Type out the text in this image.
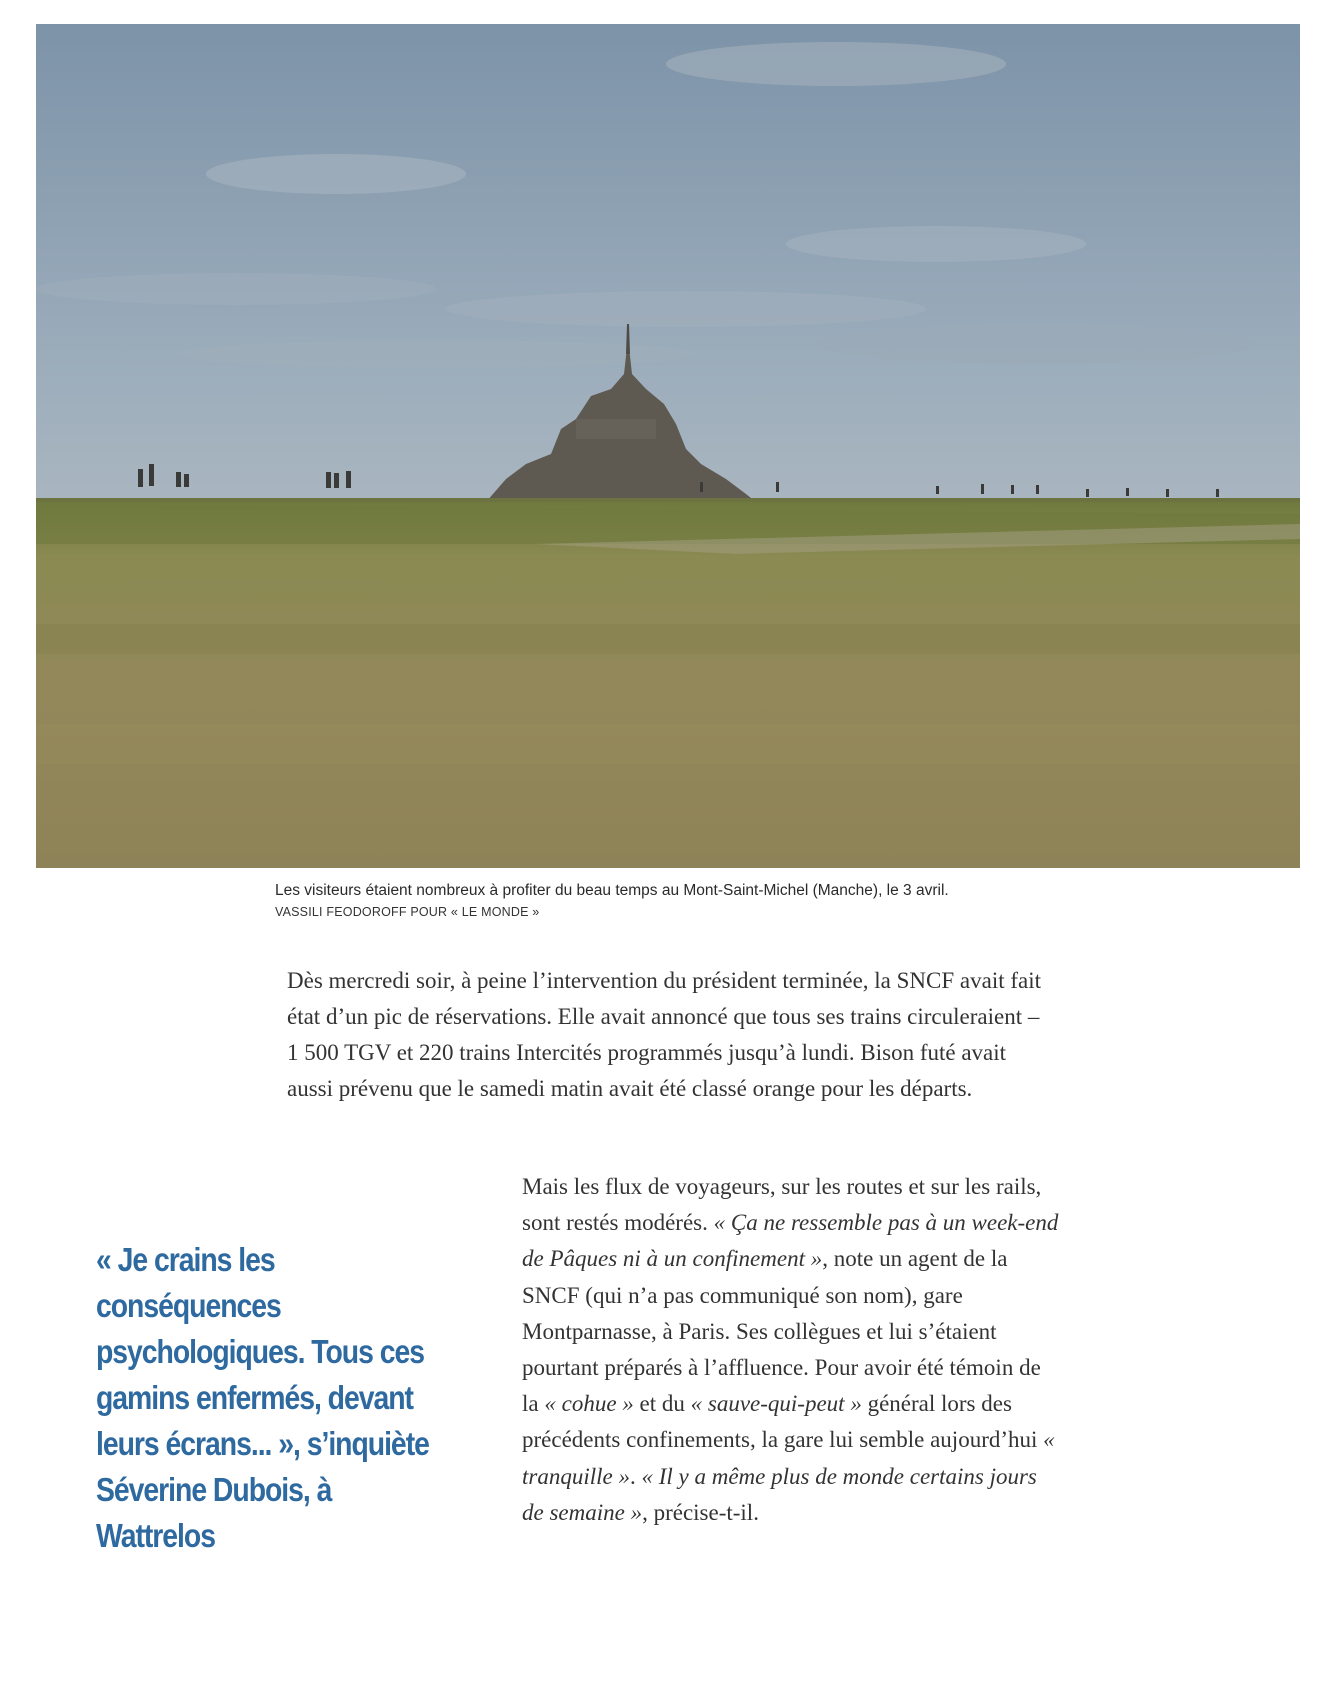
Les visiteurs étaient nombreux à profiter du beau temps au Mont-Saint-Michel (Manche), le 3 avril.
VASSILI FEODOROFF POUR « LE MONDE »

Dès mercredi soir, à peine l’intervention du président terminée, la SNCF avait fait état d’un pic de réservations. Elle avait annoncé que tous ses trains circuleraient – 1 500 TGV et 220 trains Intercités programmés jusqu’à lundi. Bison futé avait aussi prévenu que le samedi matin avait été classé orange pour les départs.

« Je crains les conséquences psychologiques. Tous ces gamins enfermés, devant leurs écrans... », s’inquiète Séverine Dubois, à Wattrelos

Mais les flux de voyageurs, sur les routes et sur les rails, sont restés modérés. « Ça ne ressemble pas à un week-end de Pâques ni à un confinement », note un agent de la SNCF (qui n’a pas communiqué son nom), gare Montparnasse, à Paris. Ses collègues et lui s’étaient pourtant préparés à l’affluence. Pour avoir été témoin de la « cohue » et du « sauve-qui-peut » général lors des précédents confinements, la gare lui semble aujourd’hui « tranquille ». « Il y a même plus de monde certains jours de semaine », précise-t-il.
